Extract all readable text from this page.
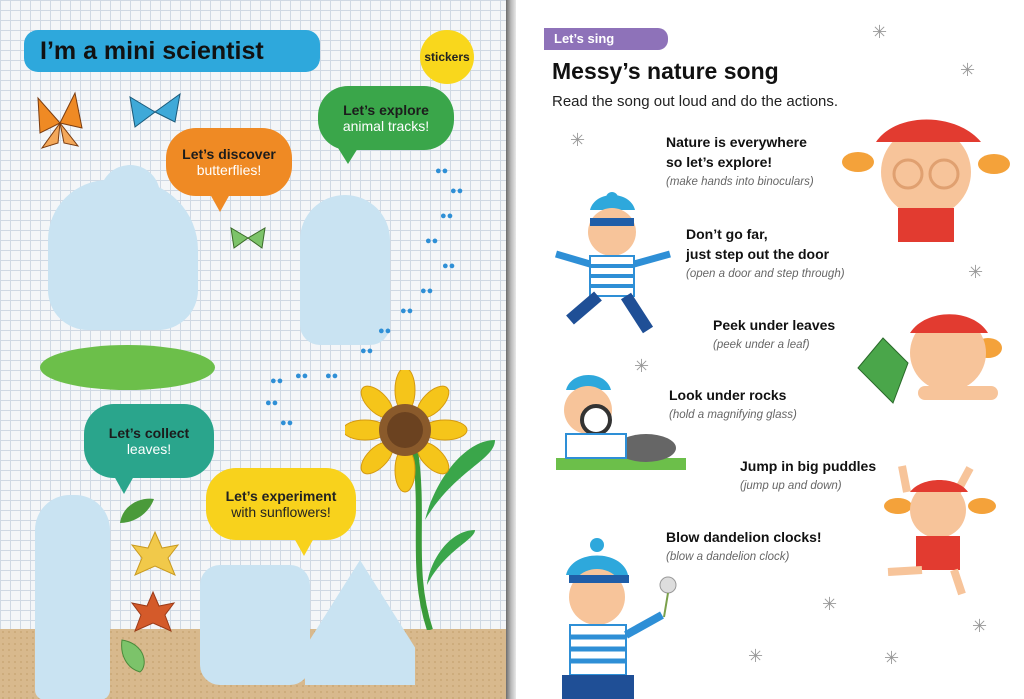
I’m a mini scientist	stickers
●●
●●
●●
●●
●●
●●
●●
●●
●●
●●
●●
●●
●●
●●
Let’s explore
animal tracks!
Let’s discover
butterflies!
Let’s collect
leaves!
Let’s experiment
with sunflowers!
Let’s sing
Messy’s nature song
Read the song out loud and do the actions.
Nature is everywhere
so let’s explore!
(make hands into binoculars)
Don’t go far,
just step out the door
(open a door and step through)
Peek under leaves
(peek under a leaf)
Look under rocks
(hold a magnifying glass)
Jump in big puddles
(jump up and down)
Blow dandelion clocks!
(blow a dandelion clock)
✳
✳
✳
✳
✳
✳
✳	✳
✳
